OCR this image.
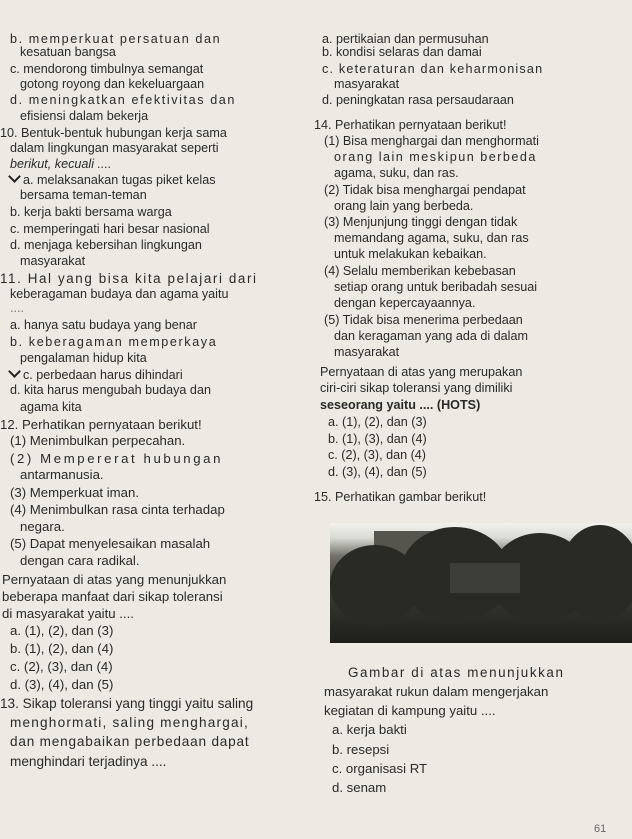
b. memperkuat persatuan dan
kesatuan bangsa
c. mendorong timbulnya semangat
gotong royong dan kekeluargaan
d. meningkatkan efektivitas dan
efisiensi dalam bekerja
10. Bentuk-bentuk hubungan kerja sama
dalam lingkungan masyarakat seperti
berikut, kecuali ....
a. melaksanakan tugas piket kelas
bersama teman-teman
b. kerja bakti bersama warga
c. memperingati hari besar nasional
d. menjaga kebersihan lingkungan
masyarakat
11. Hal yang bisa kita pelajari dari
keberagaman budaya dan agama yaitu
....
a. hanya satu budaya yang benar
b. keberagaman memperkaya
pengalaman hidup kita
c. perbedaan harus dihindari
d. kita harus mengubah budaya dan
agama kita
12. Perhatikan pernyataan berikut!
(1) Menimbulkan perpecahan.
(2) Mempererat hubungan
antarmanusia.
(3) Memperkuat iman.
(4) Menimbulkan rasa cinta terhadap
negara.
(5) Dapat menyelesaikan masalah
dengan cara radikal.
Pernyataan di atas yang menunjukkan
beberapa manfaat dari sikap toleransi
di masyarakat yaitu ....
a. (1), (2), dan (3)
b. (1), (2), dan (4)
c. (2), (3), dan (4)
d. (3), (4), dan (5)
13. Sikap toleransi yang tinggi yaitu saling
menghormati, saling menghargai,
dan mengabaikan perbedaan dapat
menghindari terjadinya ....
a. pertikaian dan permusuhan
b. kondisi selaras dan damai
c. keteraturan dan keharmonisan
masyarakat
d. peningkatan rasa persaudaraan
14. Perhatikan pernyataan berikut!
(1) Bisa menghargai dan menghormati
orang lain meskipun berbeda
agama, suku, dan ras.
(2) Tidak bisa menghargai pendapat
orang lain yang berbeda.
(3) Menjunjung tinggi dengan tidak
memandang agama, suku, dan ras
untuk melakukan kebaikan.
(4) Selalu memberikan kebebasan
setiap orang untuk beribadah sesuai
dengan kepercayaannya.
(5) Tidak bisa menerima perbedaan
dan keragaman yang ada di dalam
masyarakat
Pernyataan di atas yang merupakan
ciri-ciri sikap toleransi yang dimiliki
seseorang yaitu .... (HOTS)
a. (1), (2), dan (3)
b. (1), (3), dan (4)
c. (2), (3), dan (4)
d. (3), (4), dan (5)
15. Perhatikan gambar berikut!
Gambar di atas menunjukkan
masyarakat rukun dalam mengerjakan
kegiatan di kampung yaitu ....
a. kerja bakti
b. resepsi
c. organisasi RT
d. senam
61
